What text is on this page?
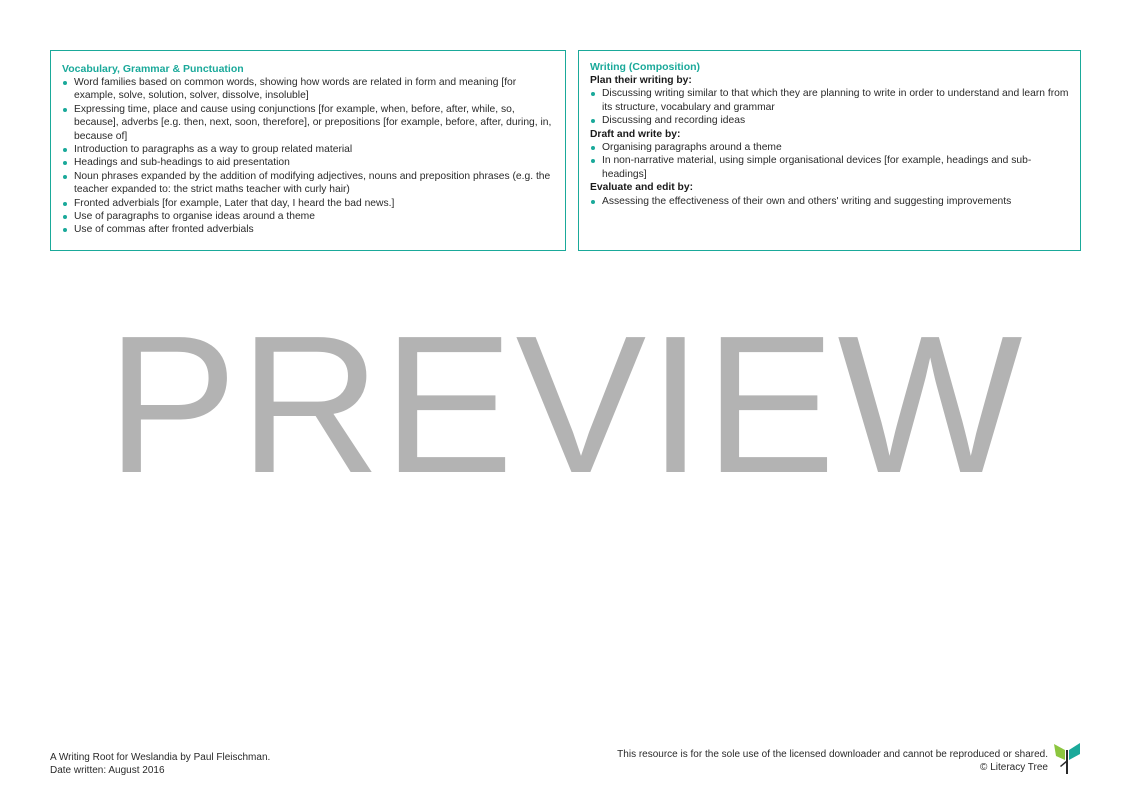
Vocabulary, Grammar & Punctuation
Word families based on common words, showing how words are related in form and meaning [for example, solve, solution, solver, dissolve, insoluble]
Expressing time, place and cause using conjunctions [for example, when, before, after, while, so, because], adverbs [e.g. then, next, soon, therefore], or prepositions [for example, before, after, during, in, because of]
Introduction to paragraphs as a way to group related material
Headings and sub-headings to aid presentation
Noun phrases expanded by the addition of modifying adjectives, nouns and preposition phrases (e.g. the teacher expanded to: the strict maths teacher with curly hair)
Fronted adverbials [for example, Later that day, I heard the bad news.]
Use of paragraphs to organise ideas around a theme
Use of commas after fronted adverbials
Writing (Composition)
Plan their writing by:
Discussing writing similar to that which they are planning to write in order to understand and learn from its structure, vocabulary and grammar
Discussing and recording ideas
Draft and write by:
Organising paragraphs around a theme
In non-narrative material, using simple organisational devices [for example, headings and sub-headings]
Evaluate and edit by:
Assessing the effectiveness of their own and others' writing and suggesting improvements
PREVIEW
A Writing Root for Weslandia by Paul Fleischman.
Date written: August 2016
This resource is for the sole use of the licensed downloader and cannot be reproduced or shared.
© Literacy Tree
